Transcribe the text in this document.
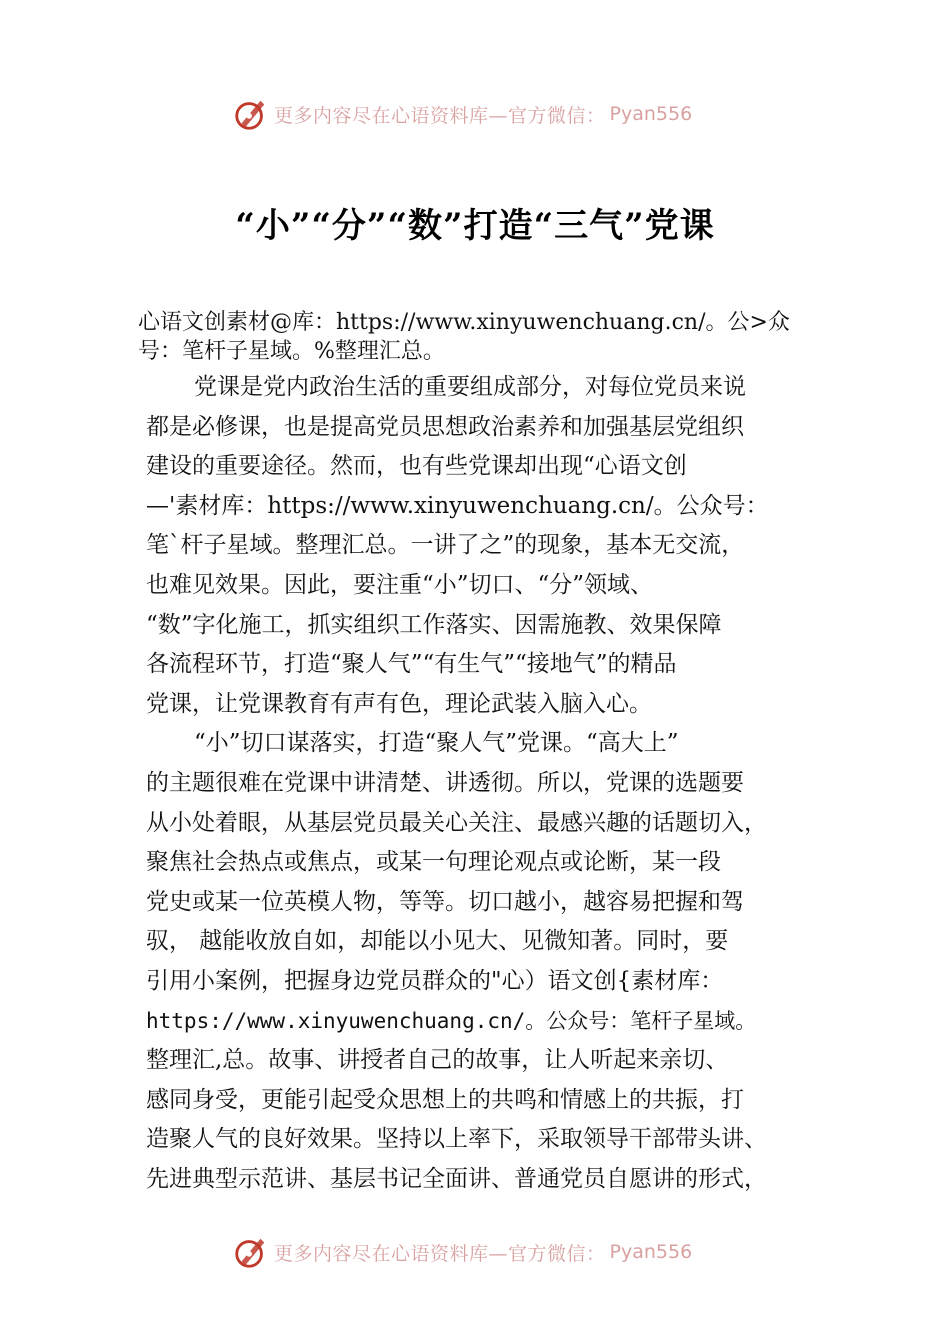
更多内容尽在心语资料库—官方微信： Pyan556
“小”“分”“数”打造“三气”党课
心语文创素材@库：https://www.xinyuwenchuang.cn/。公>众
号：笔杆子星域。%整理汇总。

党课是党内政治生活的重要组成部分，对每位党员来说

都是必修课，也是提高党员思想政治素养和加强基层党组织

建设的重要途径。然而，也有些党课却出现“心语文创

—'素材库：https://www.xinyuwenchuang.cn/。公众号：

笔`杆子星域。整理汇总。一讲了之”的现象，基本无交流，

也难见效果。因此，要注重“小”切口、“分”领域、

“数”字化施工，抓实组织工作落实、因需施教、效果保障

各流程环节，打造“聚人气”“有生气”“接地气”的精品

党课，让党课教育有声有色，理论武装入脑入心。

“小”切口谋落实，打造“聚人气”党课。“高大上”

的主题很难在党课中讲清楚、讲透彻。所以，党课的选题要

从小处着眼，从基层党员最关心关注、最感兴趣的话题切入，

聚焦社会热点或焦点，或某一句理论观点或论断，某一段

党史或某一位英模人物，等等。切口越小，越容易把握和驾

驭， 越能收放自如，却能以小见大、见微知著。同时，要

引用小案例，把握身边党员群众的"心）语文创{素材库：

https://www.xinyuwenchuang.cn/。公众号：笔杆子星域。

整理汇,总。故事、讲授者自己的故事，让人听起来亲切、

感同身受，更能引起受众思想上的共鸣和情感上的共振，打

造聚人气的良好效果。坚持以上率下，采取领导干部带头讲、

先进典型示范讲、基层书记全面讲、普通党员自愿讲的形式，

更多内容尽在心语资料库—官方微信： Pyan556
